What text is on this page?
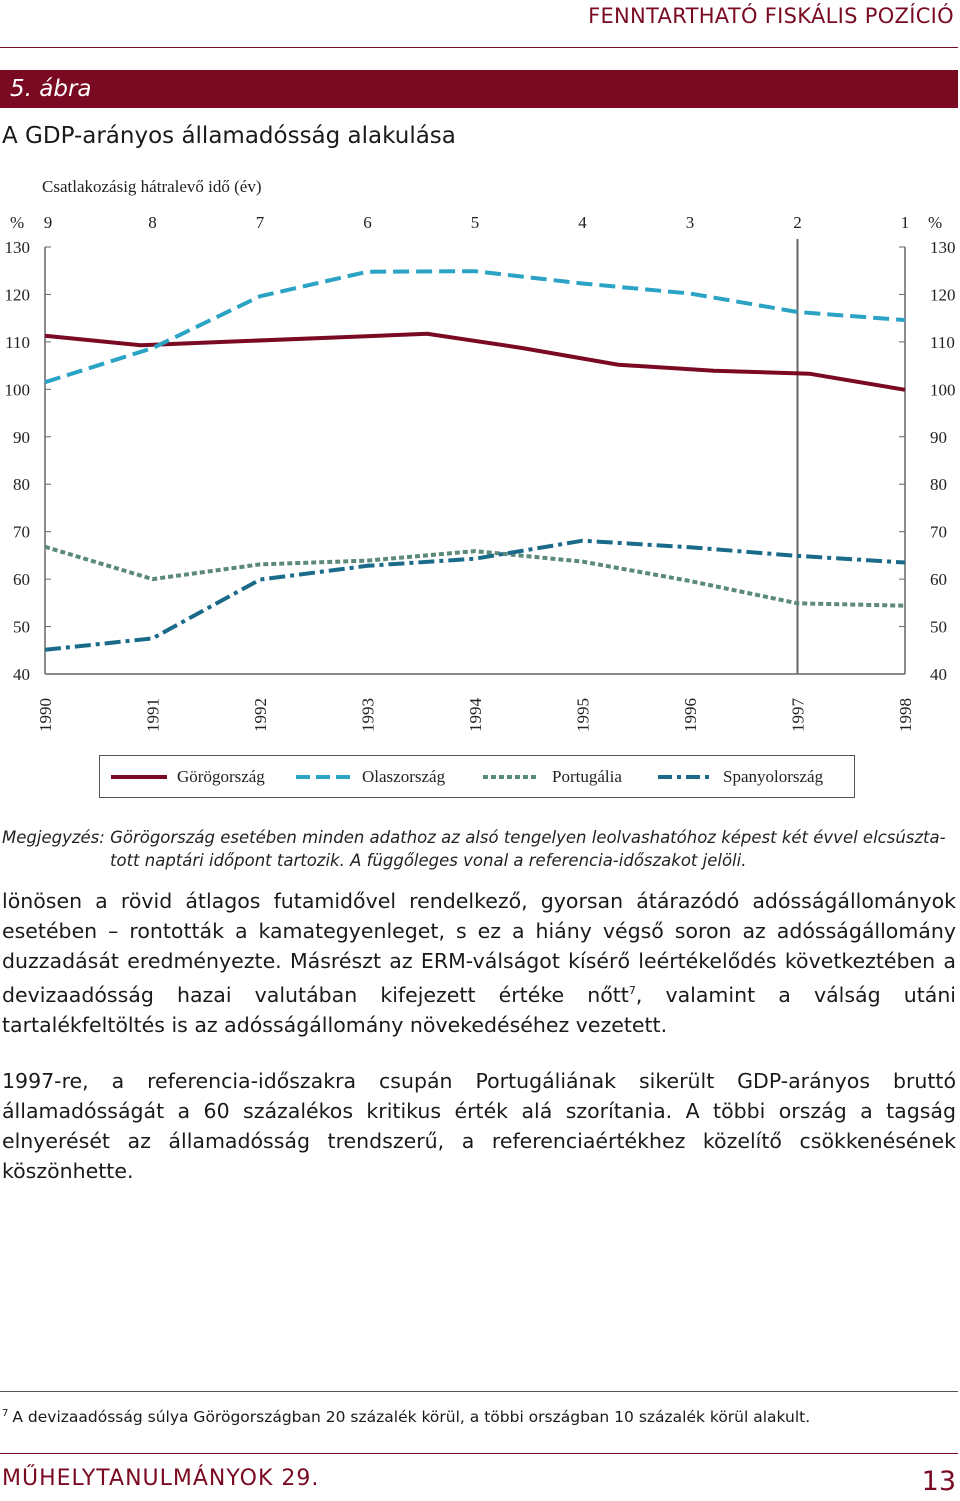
FENNTARTHATÓ FISKÁLIS POZÍCIÓ
5. ábra
A GDP-arányos államadósság alakulása
Csatlakozásig hátralevő idő (év)
%	%
9	8	7	6	5	4	3	2	1
40	40
50	50
60	60
70	70
80	80
90	90
100	100
110	110
120	120
130	130
1990	1991	1992	1993	1994	1995	1996	1997	1998
Görögország	Olaszország	Portugália	Spanyolország
Megjegyzés: Görögország esetében minden adathoz az alsó tengelyen leolvashatóhoz képest két évvel elcsúszta-
tott naptári időpont tartozik. A függőleges vonal a referencia-időszakot jelöli.
lönösen a rövid átlagos futamidővel rendelkező, gyorsan átárazódó adósságállományok esetében – rontották a kamategyenleget, s ez a hiány végső soron az adósságállomány duzzadását eredményezte. Másrészt az ERM-válságot kísérő leértékelődés következtében a devizaadósság hazai valutában kifejezett értéke nőtt$^7$, valamint a válság utáni tartalékfeltöltés is az adósságállomány növekedéséhez vezetett.
1997-re, a referencia-időszakra csupán Portugáliának sikerült GDP-arányos bruttó államadósságát a 60 százalékos kritikus érték alá szorítania. A többi ország a tagság elnyerését az államadósság trendszerű, a referenciaértékhez közelítő csökkenésének köszönhette.
$^7$ A devizaadósság súlya Görögországban 20 százalék körül, a többi országban 10 százalék körül alakult.
MŰHELYTANULMÁNYOK 29.	13
